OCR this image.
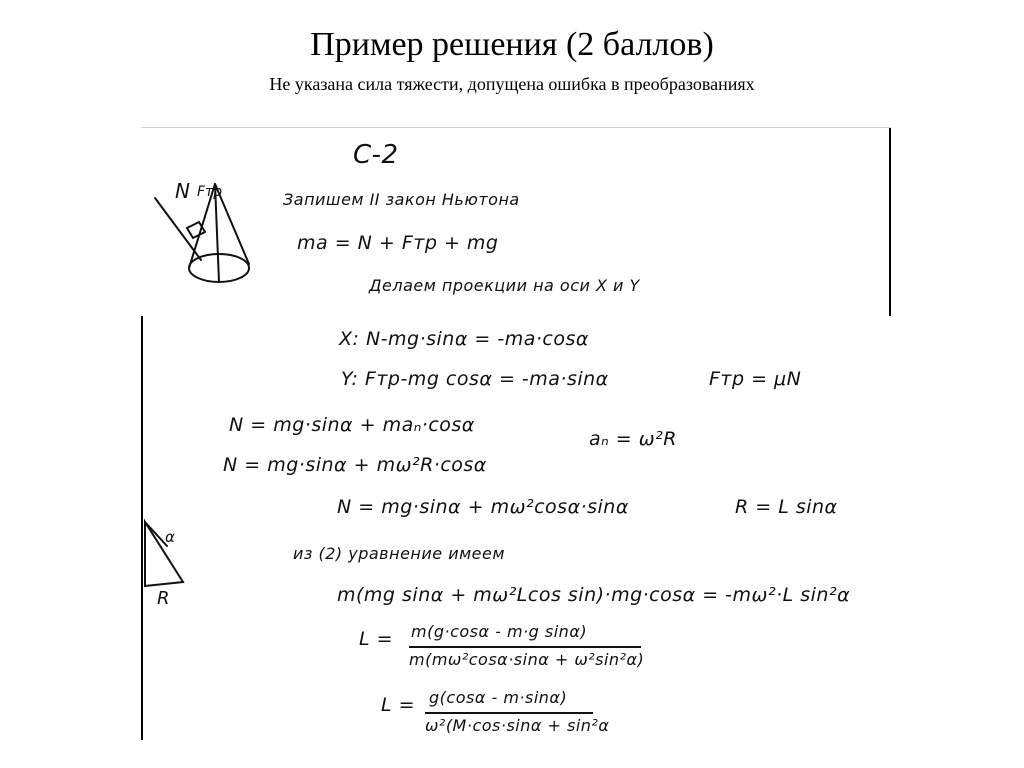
Пример решения (2 баллов)
Не указана сила тяжести, допущена ошибка в преобразованиях
N Fтр
C-2
Запишем II закон Ньютона
ma = N + Fтр + mg
Делаем проекции на оси X и Y
X: N-mg·sinα = -ma·cosα
Y: Fтр-mg cosα = -ma·sinα	Fтр = μN
N = mg·sinα + maₙ·cosα
aₙ = ω²R
N = mg·sinα + mω²R·cosα
N = mg·sinα + mω²cosα·sinα	R = L sinα
α
R
из (2) уравнение имеем
m(mg sinα + mω²Lcos sin)·mg·cosα = -mω²·L sin²α
L = m(g·cosα - m·g sinα)
m(mω²cosα·sinα + ω²sin²α)
L = g(cosα - m·sinα)
ω²(M·cos·sinα + sin²α
